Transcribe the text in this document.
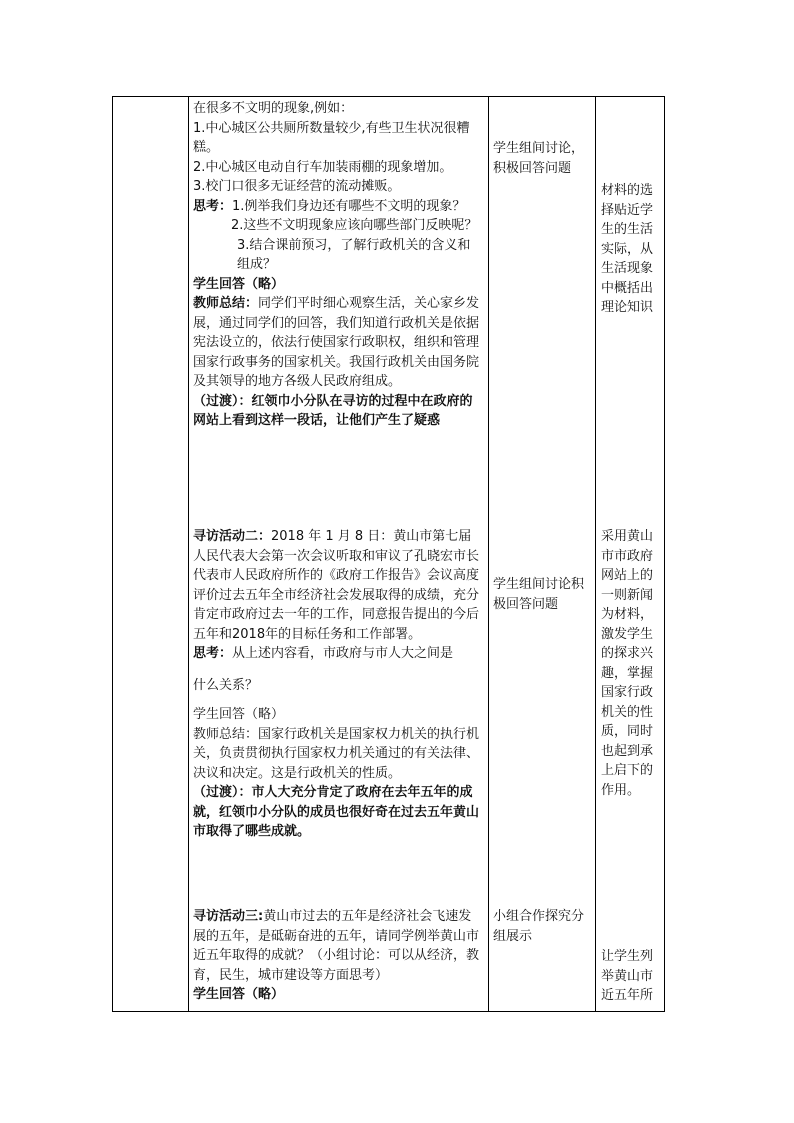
在很多不文明的现象,例如：

1.中心城区公共厕所数量较少,有些卫生状况很糟糕。

2.中心城区电动自行车加装雨棚的现象增加。

3.校门口很多无证经营的流动摊贩。

思考：1.例举我们身边还有哪些不文明的现象？

2.这些不文明现象应该向哪些部门反映呢？

3.结合课前预习，了解行政机关的含义和组成？

学生回答（略）

教师总结：同学们平时细心观察生活，关心家乡发展，通过同学们的回答，我们知道行政机关是依据宪法设立的，依法行使国家行政职权，组织和管理国家行政事务的国家机关。我国行政机关由国务院及其领导的地方各级人民政府组成。

（过渡）：红领巾小分队在寻访的过程中在政府的网站上看到这样一段话，让他们产生了疑惑

寻访活动二：2018 年 1 月 8 日：黄山市第七届人民代表大会第一次会议听取和审议了孔晓宏市长代表市人民政府所作的《政府工作报告》会议高度评价过去五年全市经济社会发展取得的成绩，充分肯定市政府过去一年的工作，同意报告提出的今后五年和2018年的目标任务和工作部署。

思考：从上述内容看，市政府与市人大之间是

什么关系？

学生回答（略）

教师总结：国家行政机关是国家权力机关的执行机关，负责贯彻执行国家权力机关通过的有关法律、决议和决定。这是行政机关的性质。

（过渡）：市人大充分肯定了政府在去年五年的成就，红领巾小分队的成员也很好奇在过去五年黄山市取得了哪些成就。

寻访活动三:黄山市过去的五年是经济社会飞速发展的五年，是砥砺奋进的五年，请同学例举黄山市近五年取得的成就？（小组讨论：可以从经济，教育，民生，城市建设等方面思考）

学生回答（略）

学生组间讨论，积极回答问题

学生组间讨论积极回答问题

小组合作探究分组展示

材料的选择贴近学生的生活实际，从生活现象中概括出理论知识

采用黄山市市政府网站上的一则新闻为材料，激发学生的探求兴趣，掌握国家行政机关的性质，同时也起到承上启下的作用。

让学生列举黄山市近五年所
